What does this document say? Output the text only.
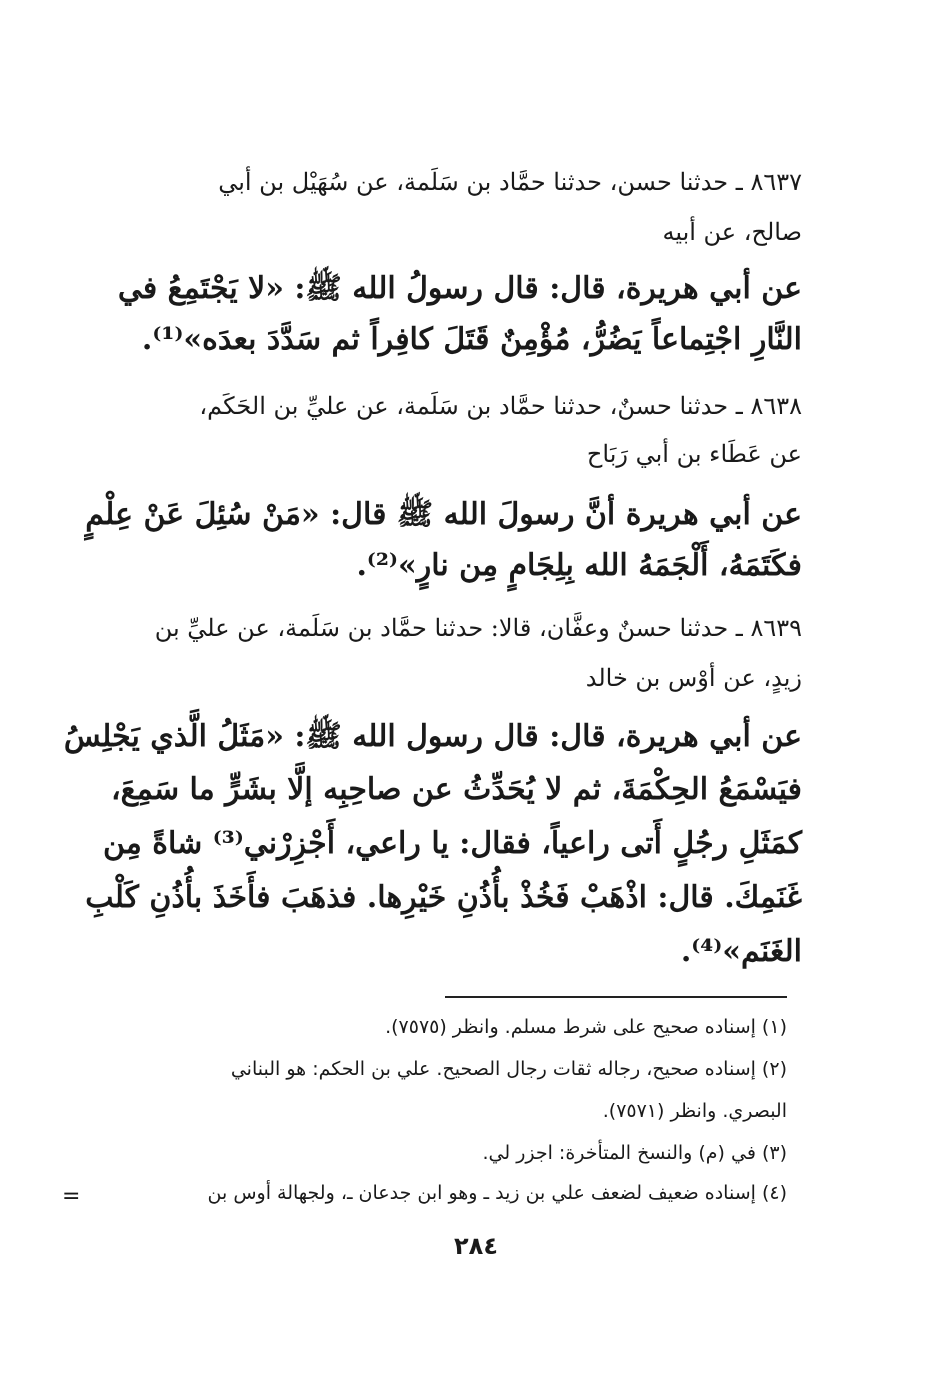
٨٦٣٧ ـ حدثنا حسن، حدثنا حمَّاد بن سَلَمة، عن سُهَيْل بن أبي
صالح، عن أبيه
عن أبي هريرة، قال: قال رسولُ الله ﷺ: «لا يَجْتَمِعُ في
النَّارِ اجْتِماعاً يَضُرُّ، مُؤْمِنٌ قَتَلَ كافِراً ثم سَدَّدَ بعدَه»⁽¹⁾.
٨٦٣٨ ـ حدثنا حسنٌ، حدثنا حمَّاد بن سَلَمة، عن عليِّ بن الحَكَم،
عن عَطَاء بن أبي رَبَاح
عن أبي هريرة أنَّ رسولَ الله ﷺ قال: «مَنْ سُئِلَ عَنْ عِلْمٍ
فكَتَمَهُ، أَلْجَمَهُ الله بِلِجَامٍ مِن نارٍ»⁽²⁾.
٨٦٣٩ ـ حدثنا حسنٌ وعفَّان، قالا: حدثنا حمَّاد بن سَلَمة، عن عليِّ بن
زيدٍ، عن أوْس بن خالد
عن أبي هريرة، قال: قال رسول الله ﷺ: «مَثَلُ الَّذي يَجْلِسُ
فيَسْمَعُ الحِكْمَةَ، ثم لا يُحَدِّثُ عن صاحِبِه إلَّا بشَرٍّ ما سَمِعَ،
كمَثَلِ رجُلٍ أَتى راعياً، فقال: يا راعي، أَجْزِرْني⁽³⁾ شاةً مِن
غَنَمِكَ. قال: اذْهَبْ فَخُذْ بأُذُنِ خَيْرِها. فذهَبَ فأَخَذَ بأُذُنِ كَلْبِ
الغَنَم»⁽⁴⁾.
(١) إسناده صحيح على شرط مسلم. وانظر (٧٥٧٥).
(٢) إسناده صحيح، رجاله ثقات رجال الصحيح. علي بن الحكم: هو البناني
البصري. وانظر (٧٥٧١).
(٣) في (م) والنسخ المتأخرة: اجزر لي.
(٤) إسناده ضعيف لضعف علي بن زيد ـ وهو ابن جدعان ـ، ولجهالة أوس بن
=
٢٨٤
